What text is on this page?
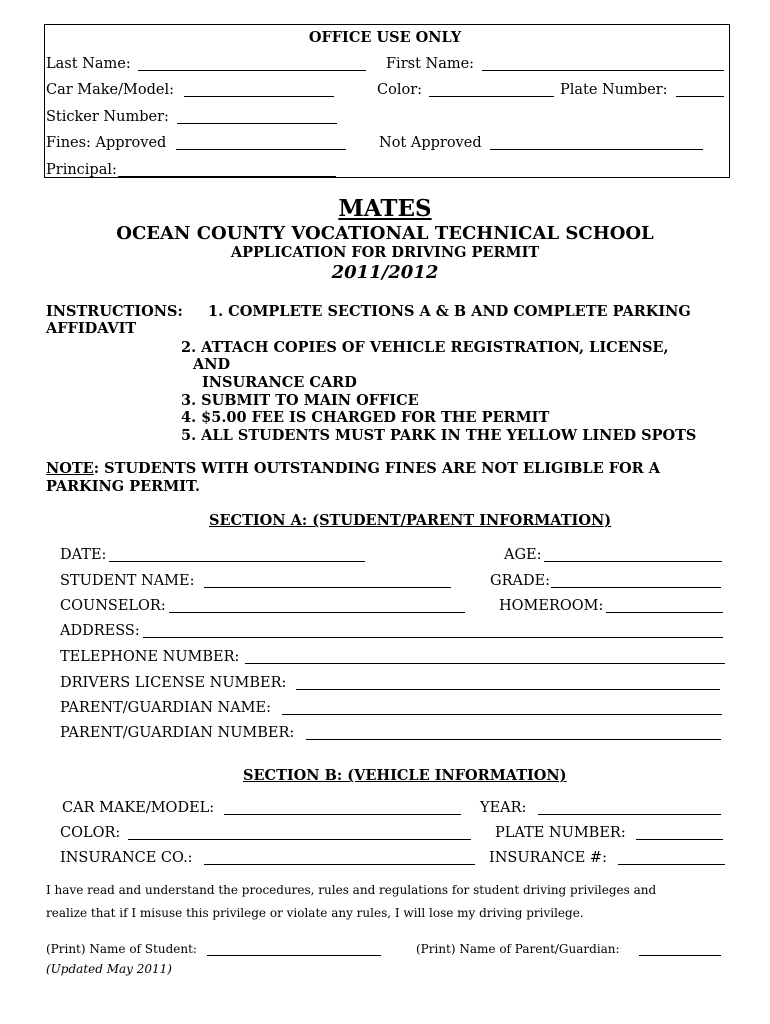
OFFICE USE ONLY
Last Name:	First Name:
Car Make/Model:	Color:	Plate Number:
Sticker Number:
Fines: Approved	Not Approved
Principal:
MATES
OCEAN COUNTY VOCATIONAL TECHNICAL SCHOOL
APPLICATION FOR DRIVING PERMIT
2011/2012
INSTRUCTIONS: 1. COMPLETE SECTIONS A & B AND COMPLETE PARKING
AFFIDAVIT
2. ATTACH COPIES OF VEHICLE REGISTRATION, LICENSE,
AND
INSURANCE CARD
3. SUBMIT TO MAIN OFFICE
4. $5.00 FEE IS CHARGED FOR THE PERMIT
5. ALL STUDENTS MUST PARK IN THE YELLOW LINED SPOTS
NOTE: STUDENTS WITH OUTSTANDING FINES ARE NOT ELIGIBLE FOR A
PARKING PERMIT.
SECTION A: (STUDENT/PARENT INFORMATION)
DATE:	AGE:
STUDENT NAME:	GRADE:
COUNSELOR:	HOMEROOM:
ADDRESS:
TELEPHONE NUMBER:
DRIVERS LICENSE NUMBER:
PARENT/GUARDIAN NAME:
PARENT/GUARDIAN NUMBER:
SECTION B: (VEHICLE INFORMATION)
CAR MAKE/MODEL:	YEAR:
COLOR:	PLATE NUMBER:
INSURANCE CO.:	INSURANCE #:
I have read and understand the procedures, rules and regulations for student driving privileges and
realize that if I misuse this privilege or violate any rules, I will lose my driving privilege.
(Print) Name of Student:	(Print) Name of Parent/Guardian:
(Updated May 2011)
